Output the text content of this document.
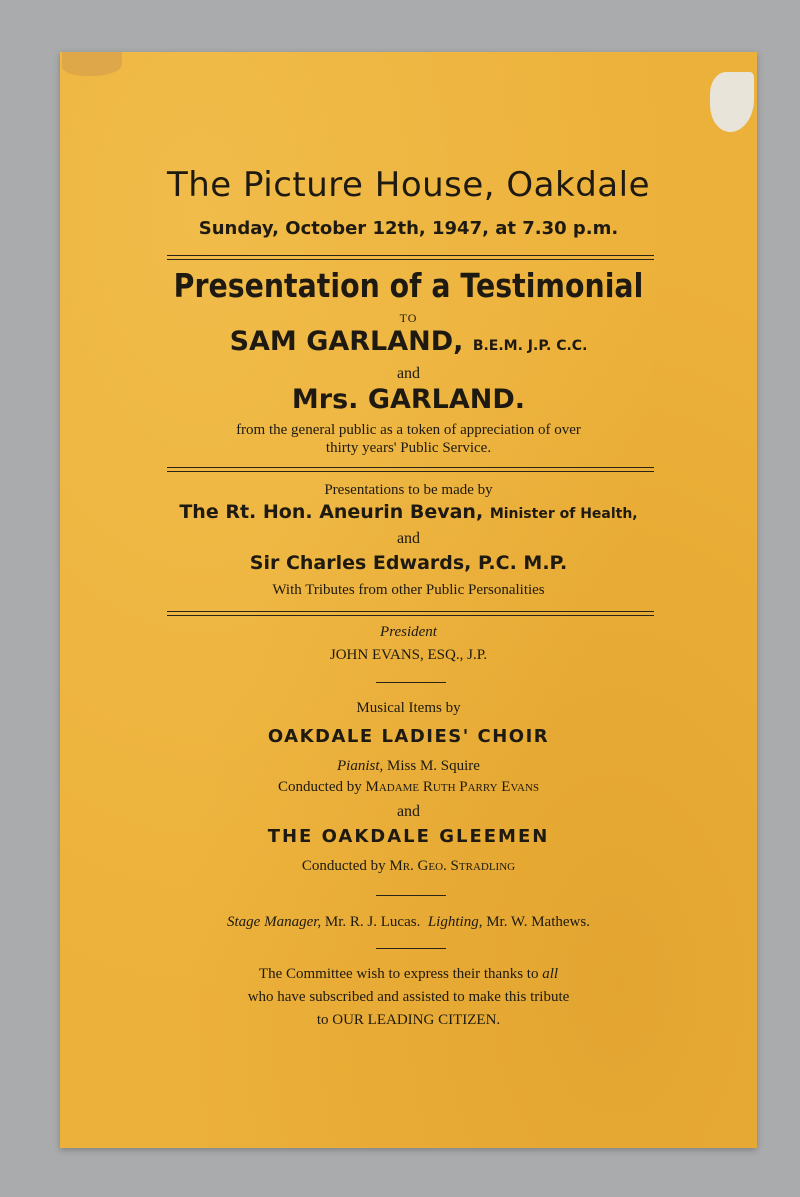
The Picture House, Oakdale
Sunday, October 12th, 1947, at 7.30 p.m.
Presentation of a Testimonial
TO
SAM GARLAND, B.E.M. J.P. C.C.
and
Mrs. GARLAND.
from the general public as a token of appreciation of over
thirty years' Public Service.
Presentations to be made by
The Rt. Hon. Aneurin Bevan, Minister of Health,
and
Sir Charles Edwards, P.C. M.P.
With Tributes from other Public Personalities
President
JOHN EVANS, ESQ., J.P.
Musical Items by
OAKDALE LADIES' CHOIR
Pianist, Miss M. Squire
Conducted by Madame Ruth Parry Evans
and
THE OAKDALE GLEEMEN
Conducted by Mr. Geo. Stradling
Stage Manager, Mr. R. J. Lucas. Lighting, Mr. W. Mathews.
The Committee wish to express their thanks to all
who have subscribed and assisted to make this tribute
to OUR LEADING CITIZEN.
